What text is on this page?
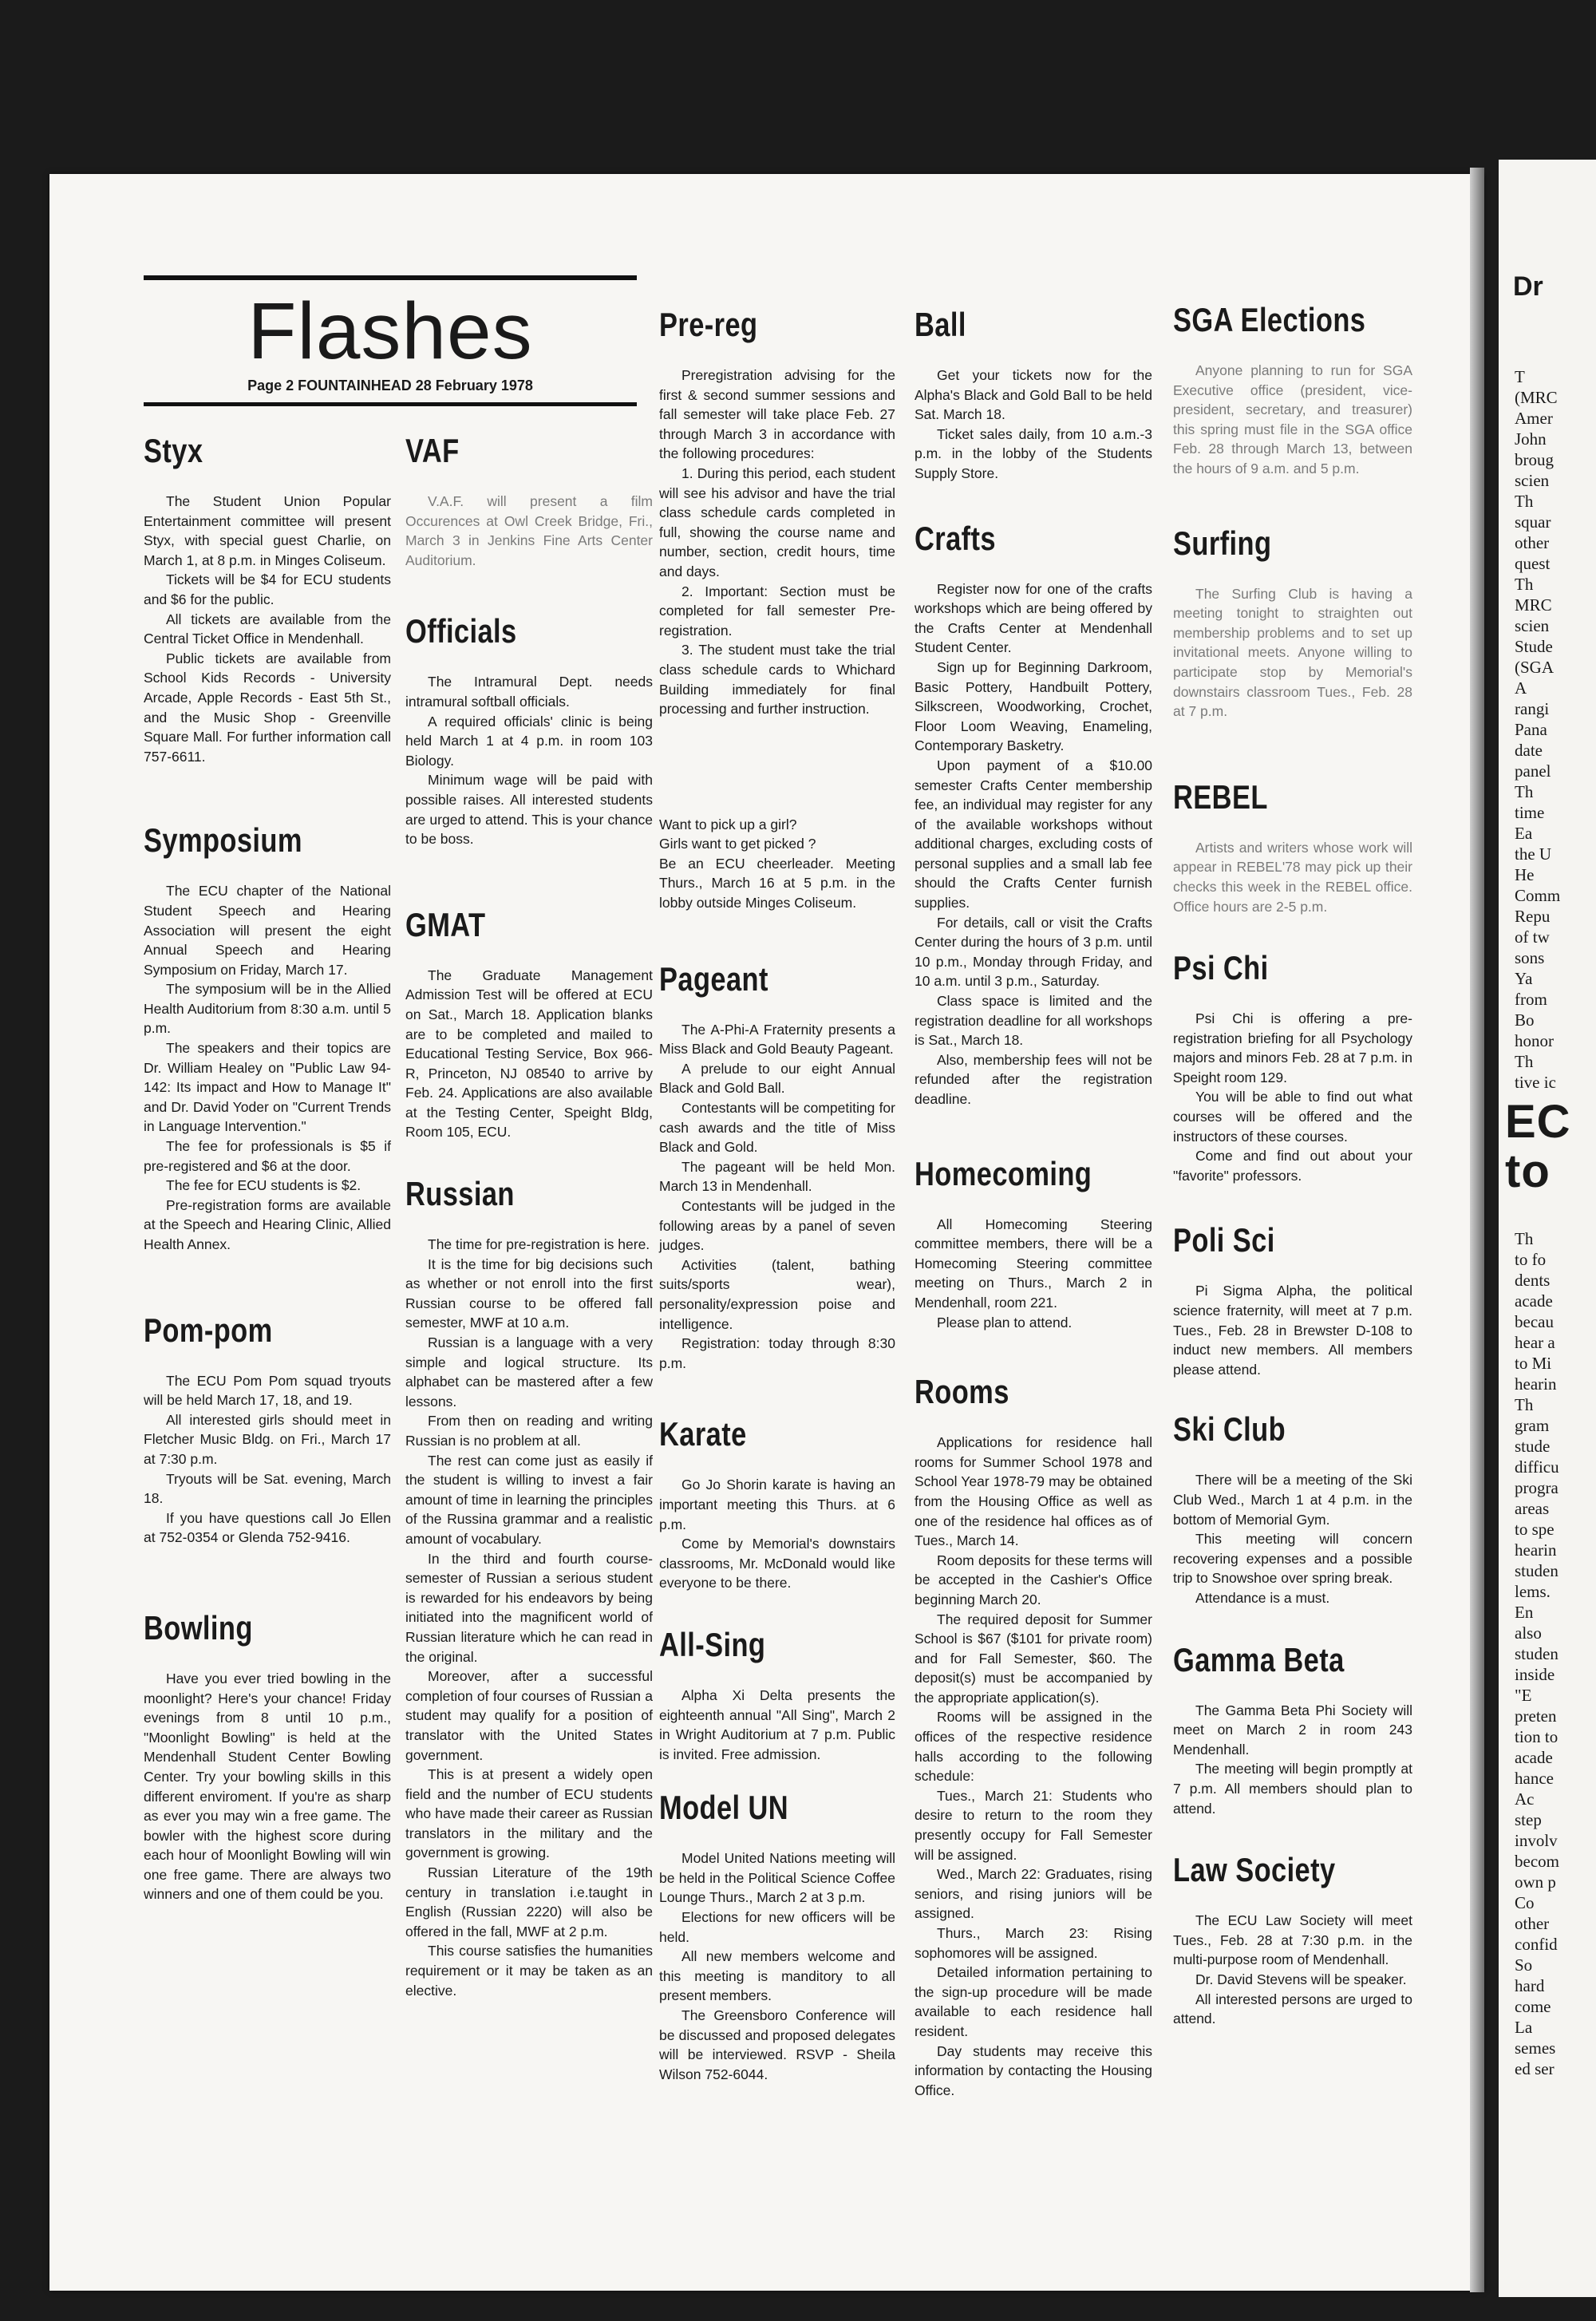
Dr
T
(MRC
Amer
John
broug
scien
Th
squar
other
quest
Th
MRC
scien
Stude
(SGA
A
rangi
Pana
date
panel
Th
time
Ea
the U
He
Comm
Repu
of tw
sons
Ya
from
Bo
honor
Th
tive ic
EC
to
Th
to fo
dents
acade
becau
hear a
to Mi
hearin
Th
gram
stude
difficu
progra
areas
to spe
hearin
studen
lems.
En
also
studen
inside
"E
preten
tion to
acade
hance
Ac
step
involv
becom
own p
Co
other
confid
So
hard
come
La
semes
ed ser
Flashes
Page 2 FOUNTAINHEAD 28 February 1978
Styx

The Student Union Popular Entertainment committee will present Styx, with special guest Charlie, on March 1, at 8 p.m. in Minges Coliseum.

Tickets will be $4 for ECU students and $6 for the public.

All tickets are available from the Central Ticket Office in Mendenhall.

Public tickets are available from School Kids Records - University Arcade, Apple Records - East 5th St., and the Music Shop - Greenville Square Mall. For further information call 757-6611.

Symposium

The ECU chapter of the National Student Speech and Hearing Association will present the eight Annual Speech and Hearing Symposium on Friday, March 17.

The symposium will be in the Allied Health Auditorium from 8:30 a.m. until 5 p.m.

The speakers and their topics are Dr. William Healey on "Public Law 94-142: Its impact and How to Manage It" and Dr. David Yoder on "Current Trends in Language Intervention."

The fee for professionals is $5 if pre-registered and $6 at the door.

The fee for ECU students is $2.

Pre-registration forms are available at the Speech and Hearing Clinic, Allied Health Annex.

Pom-pom

The ECU Pom Pom squad tryouts will be held March 17, 18, and 19.

All interested girls should meet in Fletcher Music Bldg. on Fri., March 17 at 7:30 p.m.

Tryouts will be Sat. evening, March 18.

If you have questions call Jo Ellen at 752-0354 or Glenda 752-9416.

Bowling

Have you ever tried bowling in the moonlight? Here's your chance! Friday evenings from 8 until 10 p.m., "Moonlight Bowling" is held at the Mendenhall Student Center Bowling Center. Try your bowling skills in this different enviroment. If you're as sharp as ever you may win a free game. The bowler with the highest score during each hour of Moonlight Bowling will win one free game. There are always two winners and one of them could be you.

VAF

V.A.F. will present a film Occurences at Owl Creek Bridge, Fri., March 3 in Jenkins Fine Arts Center Auditorium.

Officials

The Intramural Dept. needs intramural softball officials.

A required officials' clinic is being held March 1 at 4 p.m. in room 103 Biology.

Minimum wage will be paid with possible raises. All interested students are urged to attend. This is your chance to be boss.

GMAT

The Graduate Management Admission Test will be offered at ECU on Sat., March 18. Application blanks are to be completed and mailed to Educational Testing Service, Box 966-R, Princeton, NJ 08540 to arrive by Feb. 24. Applications are also available at the Testing Center, Speight Bldg, Room 105, ECU.

Russian

The time for pre-registration is here.

It is the time for big decisions such as whether or not enroll into the first Russian course to be offered fall semester, MWF at 10 a.m.

Russian is a language with a very simple and logical structure. Its alphabet can be mastered after a few lessons.

From then on reading and writing Russian is no problem at all.

The rest can come just as easily if the student is willing to invest a fair amount of time in learning the principles of the Russina grammar and a realistic amount of vocabulary.

In the third and fourth course-semester of Russian a serious student is rewarded for his endeavors by being initiated into the magnificent world of Russian literature which he can read in the original.

Moreover, after a successful completion of four courses of Russian a student may qualify for a position of translator with the United States government.

This is at present a widely open field and the number of ECU students who have made their career as Russian translators in the military and the government is growing.

Russian Literature of the 19th century in translation i.e.taught in English (Russian 2220) will also be offered in the fall, MWF at 2 p.m.

This course satisfies the humanities requirement or it may be taken as an elective.

Pre-reg

Preregistration advising for the first & second summer sessions and fall semester will take place Feb. 27 through March 3 in accordance with the following procedures:

1. During this period, each student will see his advisor and have the trial class schedule cards completed in full, showing the course name and number, section, credit hours, time and days.

2. Important: Section must be completed for fall semester Pre-registration.

3. The student must take the trial class schedule cards to Whichard Building immediately for final processing and further instruction.

Want to pick up a girl?

Girls want to get picked ?

Be an ECU cheerleader. Meeting Thurs., March 16 at 5 p.m. in the lobby outside Minges Coliseum.

Pageant

The A-Phi-A Fraternity presents a Miss Black and Gold Beauty Pageant.

A prelude to our eight Annual Black and Gold Ball.

Contestants will be competiting for cash awards and the title of Miss Black and Gold.

The pageant will be held Mon. March 13 in Mendenhall.

Contestants will be judged in the following areas by a panel of seven judges.

Activities (talent, bathing suits/sports wear), personality/expression poise and intelligence.

Registration: today through 8:30 p.m.

Karate

Go Jo Shorin karate is having an important meeting this Thurs. at 6 p.m.

Come by Memorial's downstairs classrooms, Mr. McDonald would like everyone to be there.

All-Sing

Alpha Xi Delta presents the eighteenth annual "All Sing", March 2 in Wright Auditorium at 7 p.m. Public is invited. Free admission.

Model UN

Model United Nations meeting will be held in the Political Science Coffee Lounge Thurs., March 2 at 3 p.m.

Elections for new officers will be held.

All new members welcome and this meeting is manditory to all present members.

The Greensboro Conference will be discussed and proposed delegates will be interviewed. RSVP - Sheila Wilson 752-6044.

Ball

Get your tickets now for the Alpha's Black and Gold Ball to be held Sat. March 18.

Ticket sales daily, from 10 a.m.-3 p.m. in the lobby of the Students Supply Store.

Crafts

Register now for one of the crafts workshops which are being offered by the Crafts Center at Mendenhall Student Center.

Sign up for Beginning Darkroom, Basic Pottery, Handbuilt Pottery, Silkscreen, Woodworking, Crochet, Floor Loom Weaving, Enameling, Contemporary Basketry.

Upon payment of a $10.00 semester Crafts Center membership fee, an individual may register for any of the available workshops without additional charges, excluding costs of personal supplies and a small lab fee should the Crafts Center furnish supplies.

For details, call or visit the Crafts Center during the hours of 3 p.m. until 10 p.m., Monday through Friday, and 10 a.m. until 3 p.m., Saturday.

Class space is limited and the registration deadline for all workshops is Sat., March 18.

Also, membership fees will not be refunded after the registration deadline.

Homecoming

All Homecoming Steering committee members, there will be a Homecoming Steering committee meeting on Thurs., March 2 in Mendenhall, room 221.

Please plan to attend.

Rooms

Applications for residence hall rooms for Summer School 1978 and School Year 1978-79 may be obtained from the Housing Office as well as one of the residence hal offices as of Tues., March 14.

Room deposits for these terms will be accepted in the Cashier's Office beginning March 20.

The required deposit for Summer School is $67 ($101 for private room) and for Fall Semester, $60. The deposit(s) must be accompanied by the appropriate application(s).

Rooms will be assigned in the offices of the respective residence halls according to the following schedule:

Tues., March 21: Students who desire to return to the room they presently occupy for Fall Semester will be assigned.

Wed., March 22: Graduates, rising seniors, and rising juniors will be assigned.

Thurs., March 23: Rising sophomores will be assigned.

Detailed information pertaining to the sign-up procedure will be made available to each residence hall resident.

Day students may receive this information by contacting the Housing Office.

SGA Elections

Anyone planning to run for SGA Executive office (president, vice-president, secretary, and treasurer) this spring must file in the SGA office Feb. 28 through March 13, between the hours of 9 a.m. and 5 p.m.

Surfing

The Surfing Club is having a meeting tonight to straighten out membership problems and to set up invitational meets. Anyone willing to participate stop by Memorial's downstairs classroom Tues., Feb. 28 at 7 p.m.

REBEL

Artists and writers whose work will appear in REBEL'78 may pick up their checks this week in the REBEL office. Office hours are 2-5 p.m.

Psi Chi

Psi Chi is offering a pre-registration briefing for all Psychology majors and minors Feb. 28 at 7 p.m. in Speight room 129.

You will be able to find out what courses will be offered and the instructors of these courses.

Come and find out about your "favorite" professors.

Poli Sci

Pi Sigma Alpha, the political science fraternity, will meet at 7 p.m. Tues., Feb. 28 in Brewster D-108 to induct new members. All members please attend.

Ski Club

There will be a meeting of the Ski Club Wed., March 1 at 4 p.m. in the bottom of Memorial Gym.

This meeting will concern recovering expenses and a possible trip to Snowshoe over spring break.

Attendance is a must.

Gamma Beta

The Gamma Beta Phi Society will meet on March 2 in room 243 Mendenhall.

The meeting will begin promptly at 7 p.m. All members should plan to attend.

Law Society

The ECU Law Society will meet Tues., Feb. 28 at 7:30 p.m. in the multi-purpose room of Mendenhall.

Dr. David Stevens will be speaker.

All interested persons are urged to attend.
